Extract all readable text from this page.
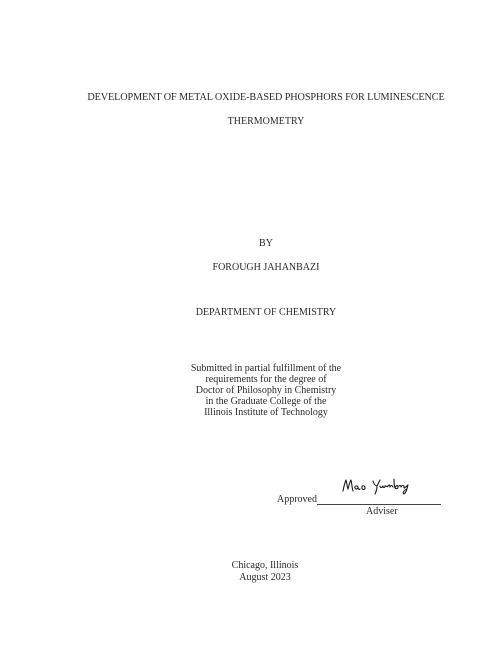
DEVELOPMENT OF METAL OXIDE-BASED PHOSPHORS FOR LUMINESCENCE
THERMOMETRY
BY
FOROUGH JAHANBAZI
DEPARTMENT OF CHEMISTRY
Submitted in partial fulfillment of the
requirements for the degree of
Doctor of Philosophy in Chemistry
in the Graduate College of the
Illinois Institute of Technology
Approved
Adviser
Chicago, Illinois
August 2023
